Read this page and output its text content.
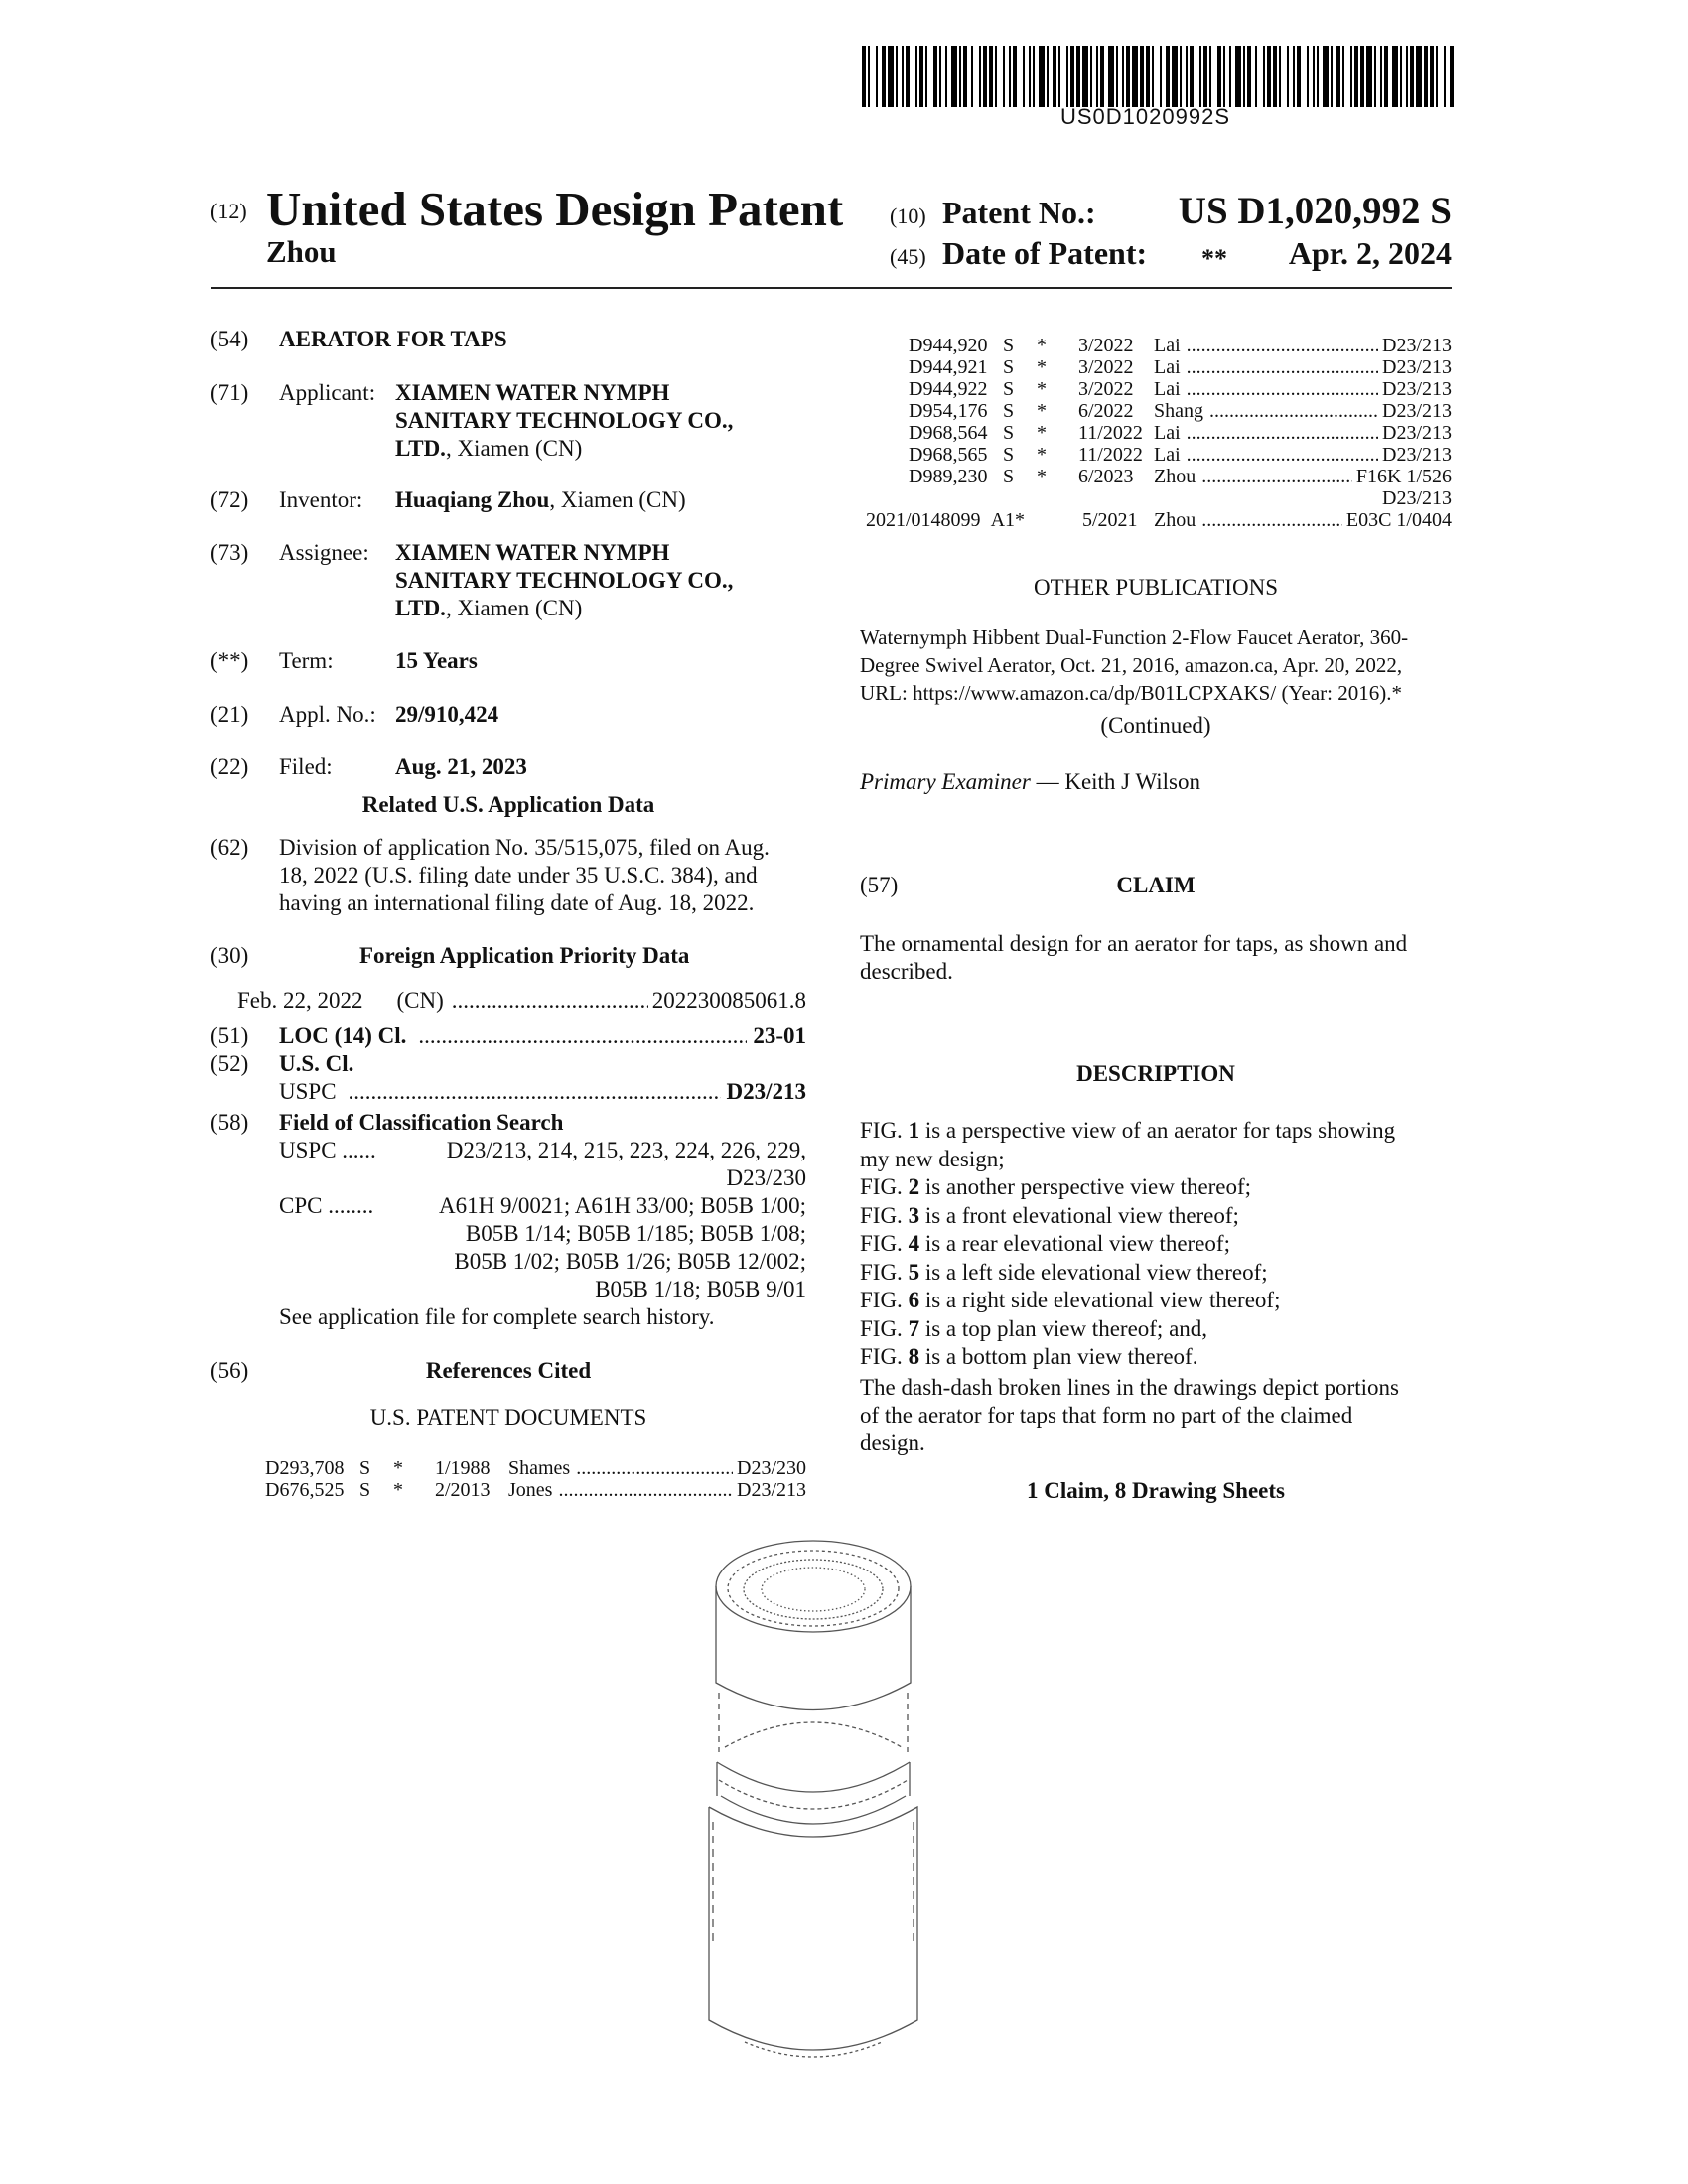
US0D1020992S
(12) United States Design Patent
Zhou
(10) Patent No.: US D1,020,992 S
(45) Date of Patent: ** Apr. 2, 2024
(54) AERATOR FOR TAPS
(71) Applicant: XIAMEN WATER NYMPH
SANITARY TECHNOLOGY CO.,
LTD., Xiamen (CN)
(72) Inventor: Huaqiang Zhou, Xiamen (CN)
(73) Assignee: XIAMEN WATER NYMPH
SANITARY TECHNOLOGY CO.,
LTD., Xiamen (CN)
(**) Term:	15 Years
(21) Appl. No.: 29/910,424
(22) Filed:	Aug. 21, 2023
Related U.S. Application Data
(62) Division of application No. 35/515,075, filed on Aug.
18, 2022 (U.S. filing date under 35 U.S.C. 384), and
having an international filing date of Aug. 18, 2022.
(30)	Foreign Application Priority Data
Feb. 22, 2022 (CN) .....	202230085061.8
(51) LOC (14) Cl. .....	23-01
(52) U.S. Cl.
USPC .....	D23/213
(58) Field of Classification Search
USPC ......	D23/213, 214, 215, 223, 224, 226, 229,
D23/230
CPC ........	A61H 9/0021; A61H 33/00; B05B 1/00;
B05B 1/14; B05B 1/185; B05B 1/08;
B05B 1/02; B05B 1/26; B05B 12/002;
B05B 1/18; B05B 9/01
See application file for complete search history.
(56)	References Cited
U.S. PATENT DOCUMENTS
D293,708 S * 1/1988 Shames .....	D23/230
D676,525 S * 2/2013 Jones .....	D23/213
D944,920 S * 3/2022 Lai .....	D23/213
D944,921 S * 3/2022 Lai .....	D23/213
D944,922 S * 3/2022 Lai .....	D23/213
D954,176 S * 6/2022 Shang .....	D23/213
D968,564 S * 11/2022 Lai .....	D23/213
D968,565 S * 11/2022 Lai .....	D23/213
D989,230 S * 6/2023 Zhou .....	F16K 1/526
D23/213
2021/0148099 A1*	5/2021 Zhou .....	E03C 1/0404
OTHER PUBLICATIONS
Waternymph Hibbent Dual-Function 2-Flow Faucet Aerator, 360-
Degree Swivel Aerator, Oct. 21, 2016, amazon.ca, Apr. 20, 2022,
URL: https://www.amazon.ca/dp/B01LCPXAKS/ (Year: 2016).*
(Continued)
Primary Examiner — Keith J Wilson
(57)	CLAIM
The ornamental design for an aerator for taps, as shown and
described.
DESCRIPTION
FIG. 1 is a perspective view of an aerator for taps showing
my new design;
FIG. 2 is another perspective view thereof;
FIG. 3 is a front elevational view thereof;
FIG. 4 is a rear elevational view thereof;
FIG. 5 is a left side elevational view thereof;
FIG. 6 is a right side elevational view thereof;
FIG. 7 is a top plan view thereof; and,
FIG. 8 is a bottom plan view thereof.
The dash-dash broken lines in the drawings depict portions
of the aerator for taps that form no part of the claimed
design.
1 Claim, 8 Drawing Sheets
